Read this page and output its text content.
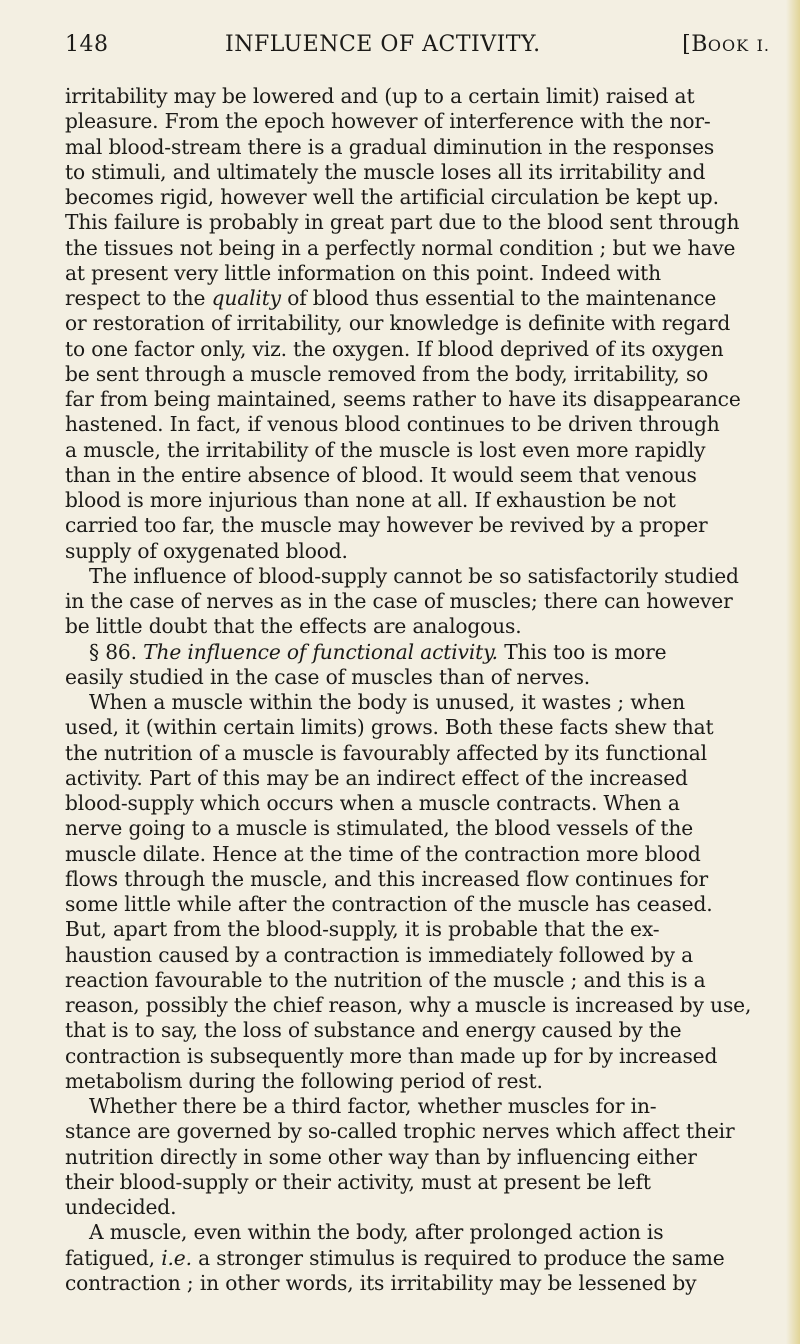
148	INFLUENCE OF ACTIVITY.	[BOOK I.
irritability may be lowered and (up to a certain limit) raised at
pleasure. From the epoch however of interference with the nor-
mal blood-stream there is a gradual diminution in the responses
to stimuli, and ultimately the muscle loses all its irritability and
becomes rigid, however well the artificial circulation be kept up.
This failure is probably in great part due to the blood sent through
the tissues not being in a perfectly normal condition ; but we have
at present very little information on this point. Indeed with
respect to the quality of blood thus essential to the maintenance
or restoration of irritability, our knowledge is definite with regard
to one factor only, viz. the oxygen. If blood deprived of its oxygen
be sent through a muscle removed from the body, irritability, so
far from being maintained, seems rather to have its disappearance
hastened. In fact, if venous blood continues to be driven through
a muscle, the irritability of the muscle is lost even more rapidly
than in the entire absence of blood. It would seem that venous
blood is more injurious than none at all. If exhaustion be not
carried too far, the muscle may however be revived by a proper
supply of oxygenated blood.
The influence of blood-supply cannot be so satisfactorily studied
in the case of nerves as in the case of muscles; there can however
be little doubt that the effects are analogous.
§ 86. The influence of functional activity. This too is more
easily studied in the case of muscles than of nerves.
When a muscle within the body is unused, it wastes ; when
used, it (within certain limits) grows. Both these facts shew that
the nutrition of a muscle is favourably affected by its functional
activity. Part of this may be an indirect effect of the increased
blood-supply which occurs when a muscle contracts. When a
nerve going to a muscle is stimulated, the blood vessels of the
muscle dilate. Hence at the time of the contraction more blood
flows through the muscle, and this increased flow continues for
some little while after the contraction of the muscle has ceased.
But, apart from the blood-supply, it is probable that the ex-
haustion caused by a contraction is immediately followed by a
reaction favourable to the nutrition of the muscle ; and this is a
reason, possibly the chief reason, why a muscle is increased by use,
that is to say, the loss of substance and energy caused by the
contraction is subsequently more than made up for by increased
metabolism during the following period of rest.
Whether there be a third factor, whether muscles for in-
stance are governed by so-called trophic nerves which affect their
nutrition directly in some other way than by influencing either
their blood-supply or their activity, must at present be left
undecided.
A muscle, even within the body, after prolonged action is
fatigued, i.e. a stronger stimulus is required to produce the same
contraction ; in other words, its irritability may be lessened by
